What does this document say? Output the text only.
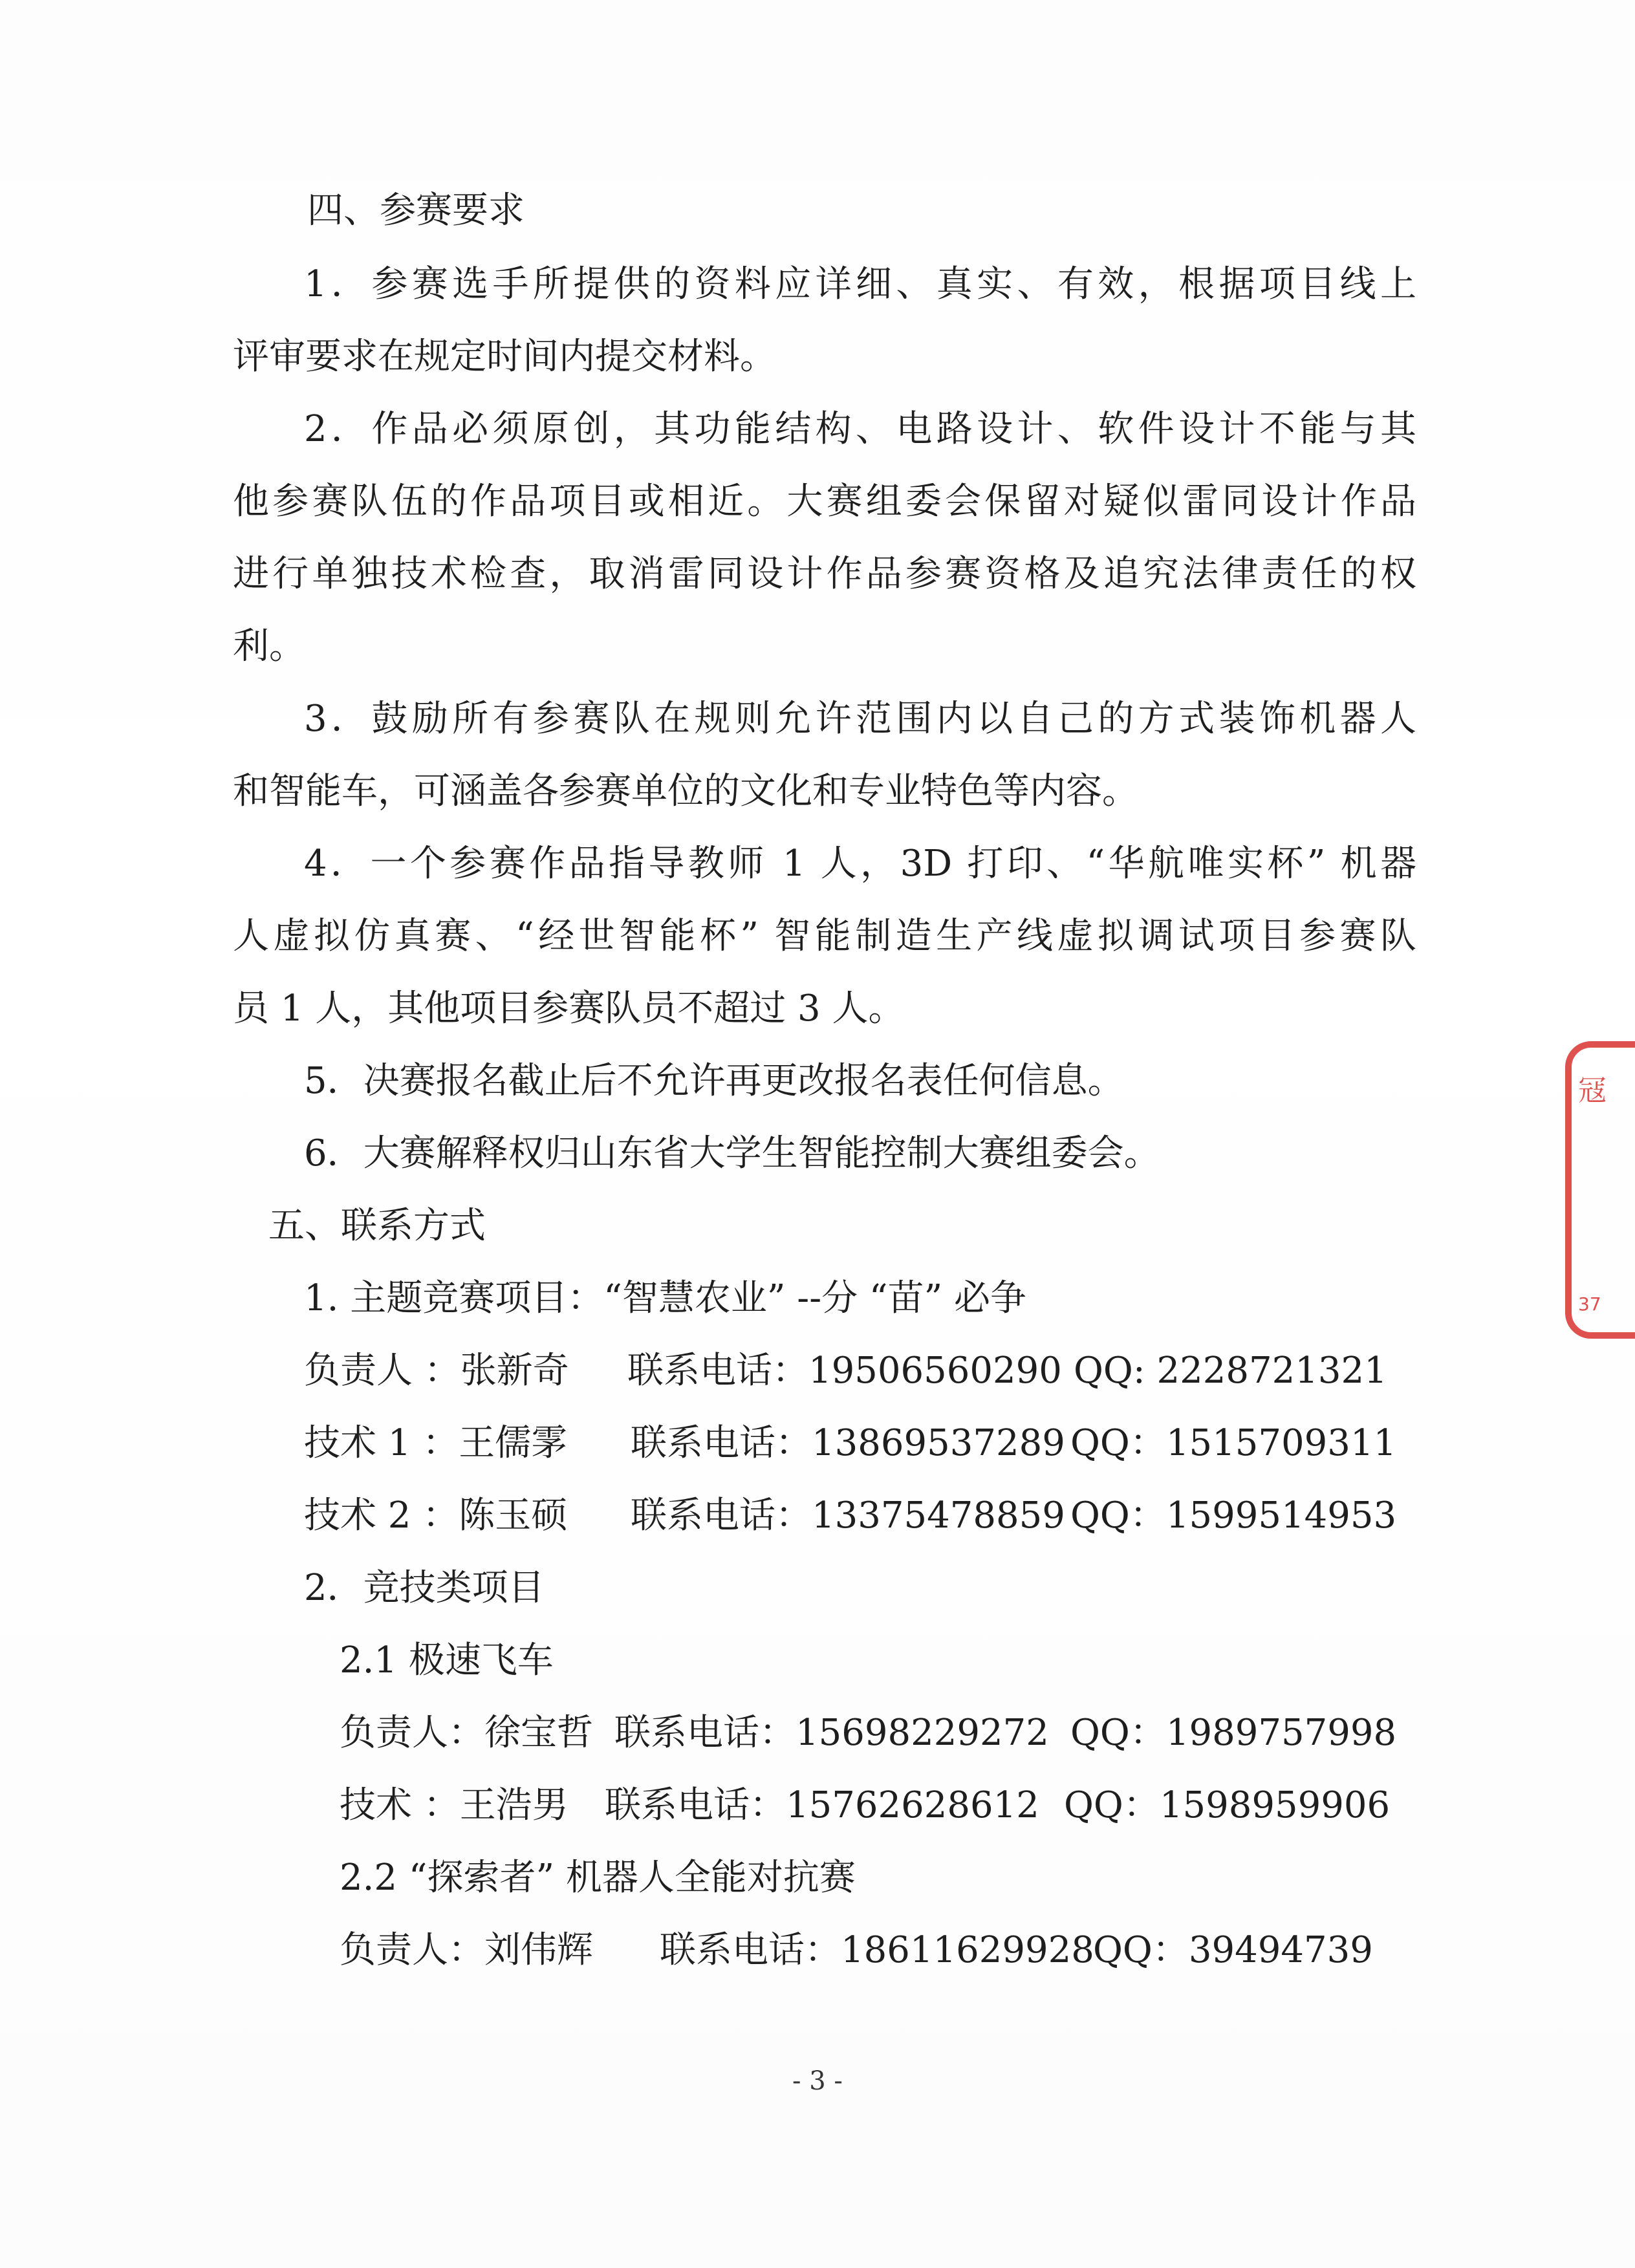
四、参赛要求
1．参赛选手所提供的资料应详细、真实、有效，根据项目线上
评审要求在规定时间内提交材料。
2．作品必须原创，其功能结构、电路设计、软件设计不能与其
他参赛队伍的作品项目或相近。大赛组委会保留对疑似雷同设计作品
进行单独技术检查，取消雷同设计作品参赛资格及追究法律责任的权
利。
3．鼓励所有参赛队在规则允许范围内以自己的方式装饰机器人
和智能车，可涵盖各参赛单位的文化和专业特色等内容。
4．一个参赛作品指导教师 1 人，3D 打印、“华航唯实杯” 机器
人虚拟仿真赛、“经世智能杯” 智能制造生产线虚拟调试项目参赛队
员 1 人，其他项目参赛队员不超过 3 人。
5．决赛报名截止后不允许再更改报名表任何信息。
6．大赛解释权归山东省大学生智能控制大赛组委会。
五、联系方式
1. 主题竞赛项目：“智慧农业” --分 “苗” 必争
负责人 ：张新奇 联系电话：19506560290 QQ: 2228721321
技术 1 ：王儒雺 联系电话：13869537289 QQ：1515709311
技术 2 ：陈玉硕 联系电话：13375478859 QQ：1599514953
2．竞技类项目
2.1 极速飞车
负责人：徐宝哲 联系电话：15698229272 QQ：1989757998
技术 ：王浩男 联系电话：15762628612 QQ：1598959906
2.2 “探索者” 机器人全能对抗赛
负责人：刘伟辉 联系电话：18611629928
QQ：39494739
- 3 -
冦
37
